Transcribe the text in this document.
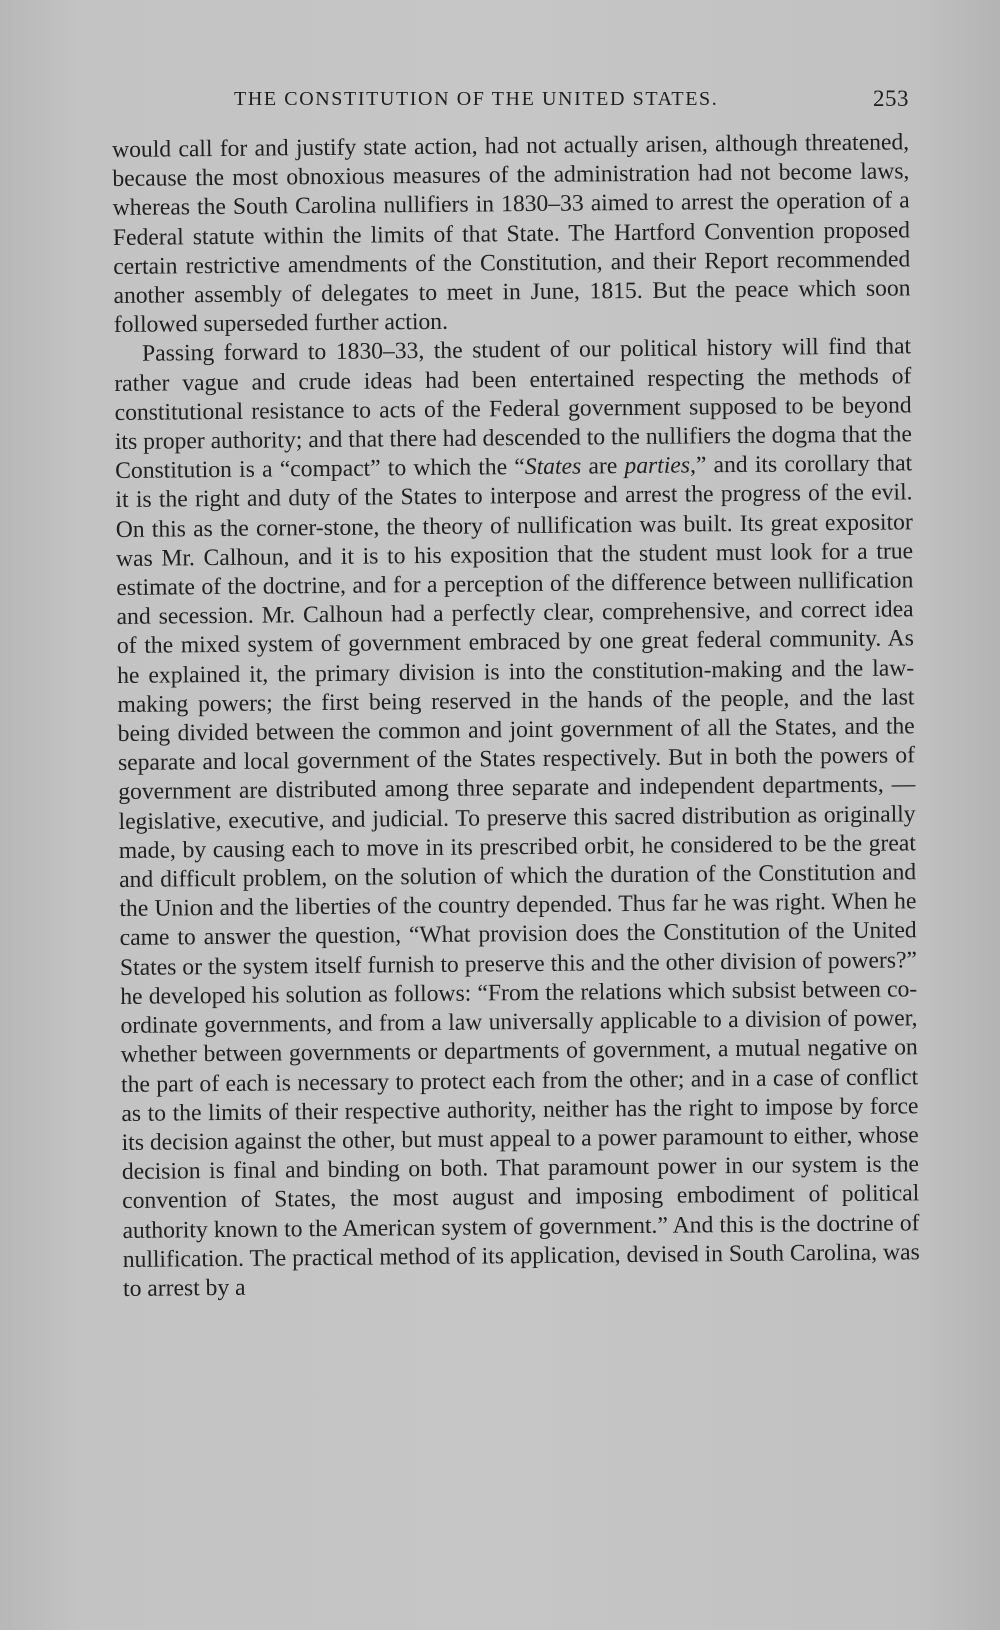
THE CONSTITUTION OF THE UNITED STATES.	253

would call for and justify state action, had not actually arisen, although threatened, because the most obnoxious measures of the administration had not become laws, whereas the South Carolina nullifiers in 1830–33 aimed to arrest the operation of a Federal statute within the limits of that State. The Hartford Convention proposed certain restrictive amendments of the Constitution, and their Report recommended another assembly of delegates to meet in June, 1815. But the peace which soon followed superseded further action.

Passing forward to 1830–33, the student of our political history will find that rather vague and crude ideas had been entertained respecting the methods of constitutional resistance to acts of the Federal government supposed to be beyond its proper authority; and that there had descended to the nullifiers the dogma that the Constitution is a “compact” to which the “States are parties,” and its corollary that it is the right and duty of the States to interpose and arrest the progress of the evil. On this as the corner-stone, the theory of nullification was built. Its great expositor was Mr. Calhoun, and it is to his exposition that the student must look for a true estimate of the doctrine, and for a perception of the difference between nullification and secession. Mr. Calhoun had a perfectly clear, comprehensive, and correct idea of the mixed system of government embraced by one great federal community. As he explained it, the primary division is into the constitution-making and the law-making powers; the first being reserved in the hands of the people, and the last being divided between the common and joint government of all the States, and the separate and local government of the States respectively. But in both the powers of government are distributed among three separate and independent departments, — legislative, executive, and judicial. To preserve this sacred distribution as originally made, by causing each to move in its prescribed orbit, he considered to be the great and difficult problem, on the solution of which the duration of the Constitution and the Union and the liberties of the country depended. Thus far he was right. When he came to answer the question, “What provision does the Constitution of the United States or the system itself furnish to preserve this and the other division of powers?” he developed his solution as follows: “From the relations which subsist between co-ordinate governments, and from a law universally applicable to a division of power, whether between governments or departments of government, a mutual negative on the part of each is necessary to protect each from the other; and in a case of conflict as to the limits of their respective authority, neither has the right to impose by force its decision against the other, but must appeal to a power paramount to either, whose decision is final and binding on both. That paramount power in our system is the convention of States, the most august and imposing embodiment of political authority known to the American system of government.” And this is the doctrine of nullification. The practical method of its application, devised in South Carolina, was to arrest by a
